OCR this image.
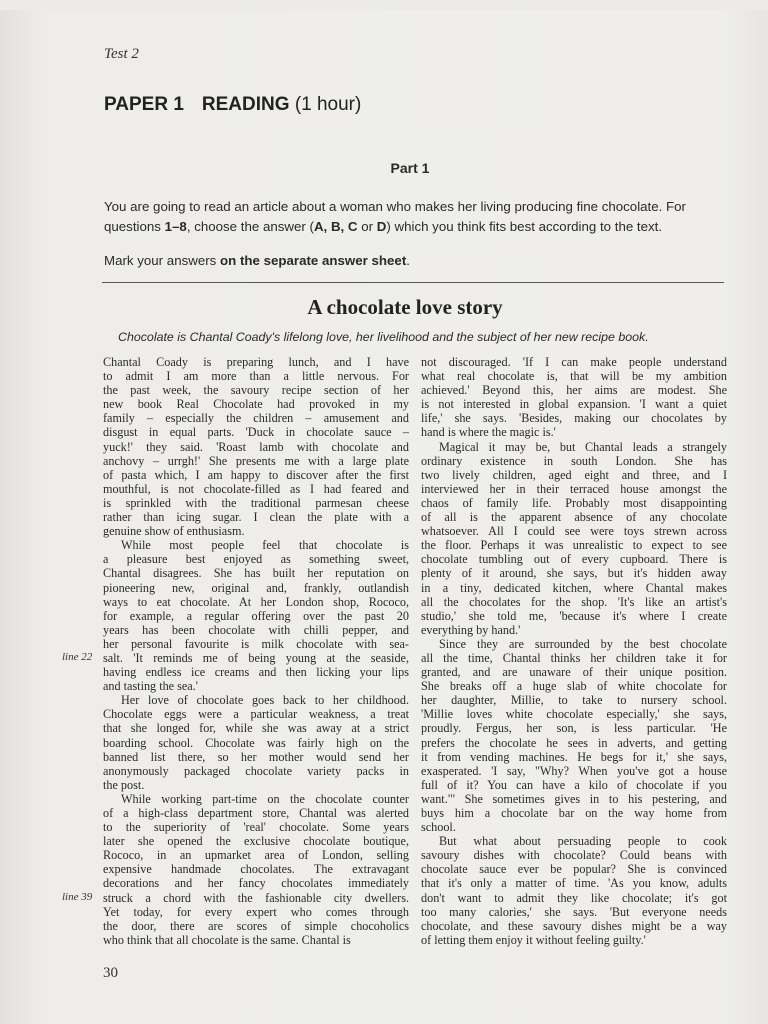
Test 2
PAPER 1 READING (1 hour)
Part 1
You are going to read an article about a woman who makes her living producing fine chocolate. For
questions 1–8, choose the answer (A, B, C or D) which you think fits best according to the text.
Mark your answers on the separate answer sheet.
A chocolate love story
Chocolate is Chantal Coady's lifelong love, her livelihood and the subject of her new recipe book.
Chantal Coady is preparing lunch, and I have
to admit I am more than a little nervous. For
the past week, the savoury recipe section of her
new book Real Chocolate had provoked in my
family – especially the children – amusement and
disgust in equal parts. 'Duck in chocolate sauce –
yuck!' they said. 'Roast lamb with chocolate and
anchovy – urrgh!' She presents me with a large plate
of pasta which, I am happy to discover after the first
mouthful, is not chocolate-filled as I had feared and
is sprinkled with the traditional parmesan cheese
rather than icing sugar. I clean the plate with a
genuine show of enthusiasm.
While most people feel that chocolate is
a pleasure best enjoyed as something sweet,
Chantal disagrees. She has built her reputation on
pioneering new, original and, frankly, outlandish
ways to eat chocolate. At her London shop, Rococo,
for example, a regular offering over the past 20
years has been chocolate with chilli pepper, and
her personal favourite is milk chocolate with sea-
salt. 'It reminds me of being young at the seaside,
having endless ice creams and then licking your lips
and tasting the sea.'
Her love of chocolate goes back to her childhood.
Chocolate eggs were a particular weakness, a treat
that she longed for, while she was away at a strict
boarding school. Chocolate was fairly high on the
banned list there, so her mother would send her
anonymously packaged chocolate variety packs in
the post.
While working part-time on the chocolate counter
of a high-class department store, Chantal was alerted
to the superiority of 'real' chocolate. Some years
later she opened the exclusive chocolate boutique,
Rococo, in an upmarket area of London, selling
expensive handmade chocolates. The extravagant
decorations and her fancy chocolates immediately
struck a chord with the fashionable city dwellers.
Yet today, for every expert who comes through
the door, there are scores of simple chocoholics
who think that all chocolate is the same. Chantal is
not discouraged. 'If I can make people understand
what real chocolate is, that will be my ambition
achieved.' Beyond this, her aims are modest. She
is not interested in global expansion. 'I want a quiet
life,' she says. 'Besides, making our chocolates by
hand is where the magic is.'
Magical it may be, but Chantal leads a strangely
ordinary existence in south London. She has
two lively children, aged eight and three, and I
interviewed her in their terraced house amongst the
chaos of family life. Probably most disappointing
of all is the apparent absence of any chocolate
whatsoever. All I could see were toys strewn across
the floor. Perhaps it was unrealistic to expect to see
chocolate tumbling out of every cupboard. There is
plenty of it around, she says, but it's hidden away
in a tiny, dedicated kitchen, where Chantal makes
all the chocolates for the shop. 'It's like an artist's
studio,' she told me, 'because it's where I create
everything by hand.'
Since they are surrounded by the best chocolate
all the time, Chantal thinks her children take it for
granted, and are unaware of their unique position.
She breaks off a huge slab of white chocolate for
her daughter, Millie, to take to nursery school.
'Millie loves white chocolate especially,' she says,
proudly. Fergus, her son, is less particular. 'He
prefers the chocolate he sees in adverts, and getting
it from vending machines. He begs for it,' she says,
exasperated. 'I say, "Why? When you've got a house
full of it? You can have a kilo of chocolate if you
want."' She sometimes gives in to his pestering, and
buys him a chocolate bar on the way home from
school.
But what about persuading people to cook
savoury dishes with chocolate? Could beans with
chocolate sauce ever be popular? She is convinced
that it's only a matter of time. 'As you know, adults
don't want to admit they like chocolate; it's got
too many calories,' she says. 'But everyone needs
chocolate, and these savoury dishes might be a way
of letting them enjoy it without feeling guilty.'
line 22
line 39
30
